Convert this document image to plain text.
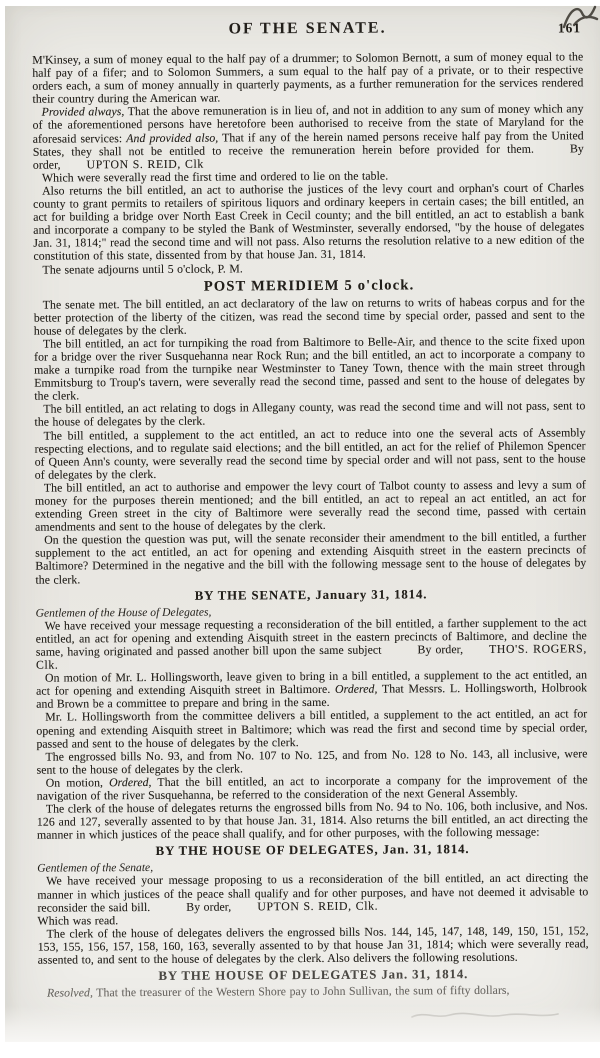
OF THE SENATE.	161

M'Kinsey, a sum of money equal to the half pay of a drummer; to Solomon Bernott, a sum of money equal to the half pay of a fifer; and to Solomon Summers, a sum equal to the half pay of a private, or to their respective orders each, a sum of money annually in quarterly payments, as a further remuneration for the services rendered their country during the American war.

Provided always, That the above remuneration is in lieu of, and not in addition to any sum of money which any of the aforementioned persons have heretofore been authorised to receive from the state of Maryland for the aforesaid services: And provided also, That if any of the herein named persons receive half pay from the United States, they shall not be entitled to receive the remuneration herein before provided for them.	By order, UPTON S. REID, Clk

Which were severally read the first time and ordered to lie on the table.

Also returns the bill entitled, an act to authorise the justices of the levy court and orphan's court of Charles county to grant permits to retailers of spiritous liquors and ordinary keepers in certain cases; the bill entitled, an act for building a bridge over North East Creek in Cecil county; and the bill entitled, an act to establish a bank and incorporate a company to be styled the Bank of Westminster, severally endorsed, "by the house of delegates Jan. 31, 1814;" read the second time and will not pass. Also returns the resolution relative to a new edition of the constitution of this state, dissented from by that house Jan. 31, 1814.

The senate adjourns until 5 o'clock, P. M.

POST MERIDIEM 5 o'clock.

The senate met. The bill entitled, an act declaratory of the law on returns to writs of habeas corpus and for the better protection of the liberty of the citizen, was read the second time by special order, passed and sent to the house of delegates by the clerk.

The bill entitled, an act for turnpiking the road from Baltimore to Belle-Air, and thence to the scite fixed upon for a bridge over the river Susquehanna near Rock Run; and the bill entitled, an act to incorporate a company to make a turnpike road from the turnpike near Westminster to Taney Town, thence with the main street through Emmitsburg to Troup's tavern, were severally read the second time, passed and sent to the house of delegates by the clerk.

The bill entitled, an act relating to dogs in Allegany county, was read the second time and will not pass, sent to the house of delegates by the clerk.

The bill entitled, a supplement to the act entitled, an act to reduce into one the several acts of Assembly respecting elections, and to regulate said elections; and the bill entitled, an act for the relief of Philemon Spencer of Queen Ann's county, were severally read the second time by special order and will not pass, sent to the house of delegates by the clerk.

The bill entitled, an act to authorise and empower the levy court of Talbot county to assess and levy a sum of money for the purposes therein mentioned; and the bill entitled, an act to repeal an act entitled, an act for extending Green street in the city of Baltimore were severally read the second time, passed with certain amendments and sent to the house of delegates by the clerk.

On the question the question was put, will the senate reconsider their amendment to the bill entitled, a further supplement to the act entitled, an act for opening and extending Aisquith street in the eastern precincts of Baltimore? Determined in the negative and the bill with the following message sent to the house of delegates by the clerk.

BY THE SENATE, January 31, 1814.

Gentlemen of the House of Delegates,

We have received your message requesting a reconsideration of the bill entitled, a farther supplement to the act entitled, an act for opening and extending Aisquith street in the eastern precincts of Baltimore, and decline the same, having originated and passed another bill upon the same subject	By order, THO'S. ROGERS, Clk.

On motion of Mr. L. Hollingsworth, leave given to bring in a bill entitled, a supplement to the act entitled, an act for opening and extending Aisquith street in Baltimore. Ordered, That Messrs. L. Hollingsworth, Holbrook and Brown be a committee to prepare and bring in the same.

Mr. L. Hollingsworth from the committee delivers a bill entitled, a supplement to the act entitled, an act for opening and extending Aisquith street in Baltimore; which was read the first and second time by special order, passed and sent to the house of delegates by the clerk.

The engrossed bills No. 93, and from No. 107 to No. 125, and from No. 128 to No. 143, all inclusive, were sent to the house of delegates by the clerk.

On motion, Ordered, That the bill entitled, an act to incorporate a company for the improvement of the navigation of the river Susquehanna, be referred to the consideration of the next General Assembly.

The clerk of the house of delegates returns the engrossed bills from No. 94 to No. 106, both inclusive, and Nos. 126 and 127, severally assented to by that house Jan. 31, 1814. Also returns the bill entitled, an act directing the manner in which justices of the peace shall qualify, and for other purposes, with the following message:

BY THE HOUSE OF DELEGATES, Jan. 31, 1814.

Gentlemen of the Senate,

We have received your message proposing to us a reconsideration of the bill entitled, an act directing the manner in which justices of the peace shall qualify and for other purposes, and have not deemed it advisable to reconsider the said bill.	By order, UPTON S. REID, Clk.

Which was read.

The clerk of the house of delegates delivers the engrossed bills Nos. 144, 145, 147, 148, 149, 150, 151, 152, 153, 155, 156, 157, 158, 160, 163, severally assented to by that house Jan 31, 1814; which were severally read, assented to, and sent to the house of delegates by the clerk. Also delivers the following resolutions.

BY THE HOUSE OF DELEGATES Jan. 31, 1814.

Resolved, That the treasurer of the Western Shore pay to John Sullivan, the sum of fifty dollars,
